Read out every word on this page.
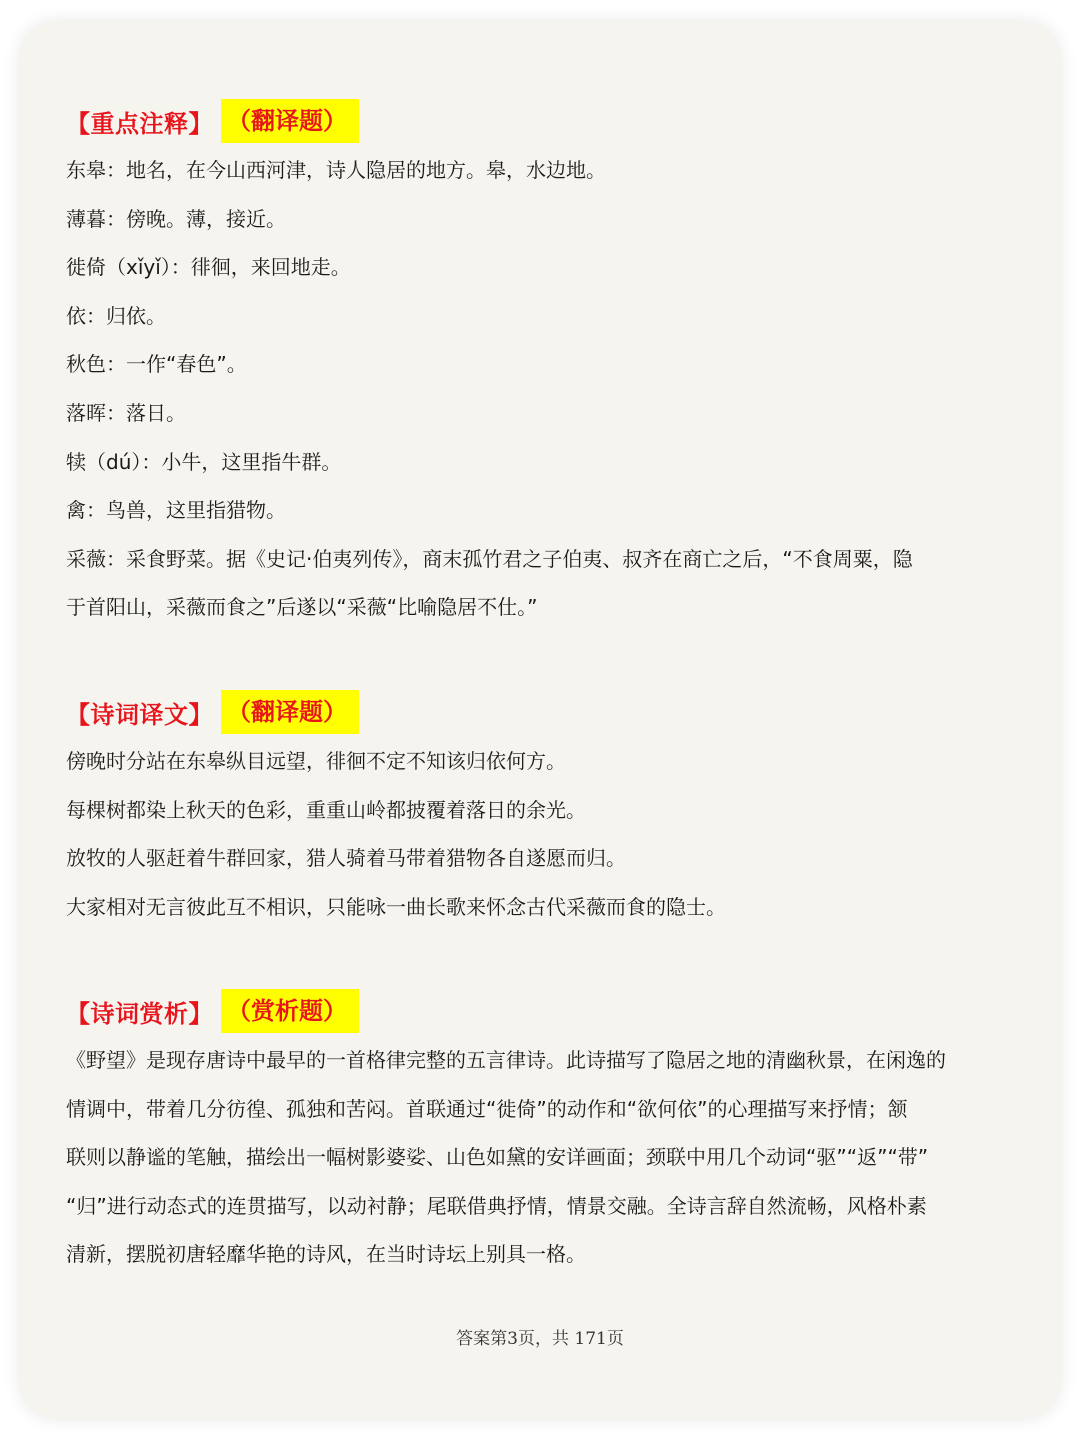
【重点注释】 （翻译题）
东皋：地名，在今山西河津，诗人隐居的地方。皋，水边地。
薄暮：傍晚。薄，接近。
徙倚（xǐyǐ）：徘徊，来回地走。
依：归依。
秋色：一作“春色”。
落晖：落日。
犊（dú）：小牛，这里指牛群。
禽：鸟兽，这里指猎物。
采薇：采食野菜。据《史记·伯夷列传》，商末孤竹君之子伯夷、叔齐在商亡之后，“不食周粟，隐
于首阳山，采薇而食之”后遂以“采薇“比喻隐居不仕。”
【诗词译文】 （翻译题）
傍晚时分站在东皋纵目远望，徘徊不定不知该归依何方。
每棵树都染上秋天的色彩，重重山岭都披覆着落日的余光。
放牧的人驱赶着牛群回家，猎人骑着马带着猎物各自遂愿而归。
大家相对无言彼此互不相识，只能咏一曲长歌来怀念古代采薇而食的隐士。
【诗词赏析】 （赏析题）
《野望》是现存唐诗中最早的一首格律完整的五言律诗。此诗描写了隐居之地的清幽秋景，在闲逸的
情调中，带着几分彷徨、孤独和苦闷。首联通过“徙倚”的动作和“欲何依”的心理描写来抒情；颔
联则以静谧的笔触，描绘出一幅树影婆娑、山色如黛的安详画面；颈联中用几个动词“驱”“返”“带”
“归”进行动态式的连贯描写，以动衬静；尾联借典抒情，情景交融。全诗言辞自然流畅，风格朴素
清新，摆脱初唐轻靡华艳的诗风，在当时诗坛上别具一格。
答案第3页，共 171页
